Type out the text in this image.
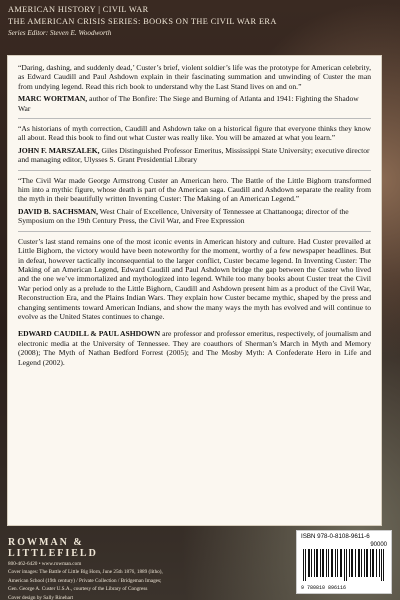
AMERICAN HISTORY | CIVIL WAR
THE AMERICAN CRISIS SERIES: BOOKS ON THE CIVIL WAR ERA
Series Editor: Steven E. Woodworth

“Daring, dashing, and suddenly dead,’ Custer’s brief, violent soldier’s life was the prototype for American celebrity, as Edward Caudill and Paul Ashdown explain in their fascinating summation and unwinding of Custer the man from undying legend. Read this rich book to understand why the Last Stand lives on and on.”

MARC WORTMAN, author of The Bonfire: The Siege and Burning of Atlanta and 1941: Fighting the Shadow War

“As historians of myth correction, Caudill and Ashdown take on a historical figure that everyone thinks they know all about. Read this book to find out what Custer was really like. You will be amazed at what you learn.”

JOHN F. MARSZALEK, Giles Distinguished Professor Emeritus, Mississippi State University; executive director and managing editor, Ulysses S. Grant Presidential Library

“The Civil War made George Armstrong Custer an American hero. The Battle of the Little Bighorn transformed him into a mythic figure, whose death is part of the American saga. Caudill and Ashdown separate the reality from the myth in their beautifully written Inventing Custer: The Making of an American Legend.”

DAVID B. SACHSMAN, West Chair of Excellence, University of Tennessee at Chattanooga; director of the Symposium on the 19th Century Press, the Civil War, and Free Expression

Custer’s last stand remains one of the most iconic events in American history and culture. Had Custer prevailed at Little Bighorn, the victory would have been noteworthy for the moment, worthy of a few newspaper headlines. But in defeat, however tactically inconsequential to the larger conflict, Custer became legend. In Inventing Custer: The Making of an American Legend, Edward Caudill and Paul Ashdown bridge the gap between the Custer who lived and the one we’ve immortalized and mythologized into legend. While too many books about Custer treat the Civil War period only as a prelude to the Little Bighorn, Caudill and Ashdown present him as a product of the Civil War, Reconstruction Era, and the Plains Indian Wars. They explain how Custer became mythic, shaped by the press and changing sentiments toward American Indians, and show the many ways the myth has evolved and will continue to evolve as the United States continues to change.

EDWARD CAUDILL & PAUL ASHDOWN are professor and professor emeritus, respectively, of journalism and electronic media at the University of Tennessee. They are coauthors of Sherman’s March in Myth and Memory (2008); The Myth of Nathan Bedford Forrest (2005); and The Mosby Myth: A Confederate Hero in Life and Legend (2002).

ROWMAN &
LITTLEFIELD
800-462-6420 • www.rowman.com
Cover images: The Battle of Little Big Horn, June 25th 1876, 1889 (litho),
American School (19th century) / Private Collection / Bridgeman Images;
Gen. George A. Custer U.S.A., courtesy of the Library of Congress
Cover design by Sally Rinehart
ISBN 978-0-8108-9611-6
90000
9 780810 896116
